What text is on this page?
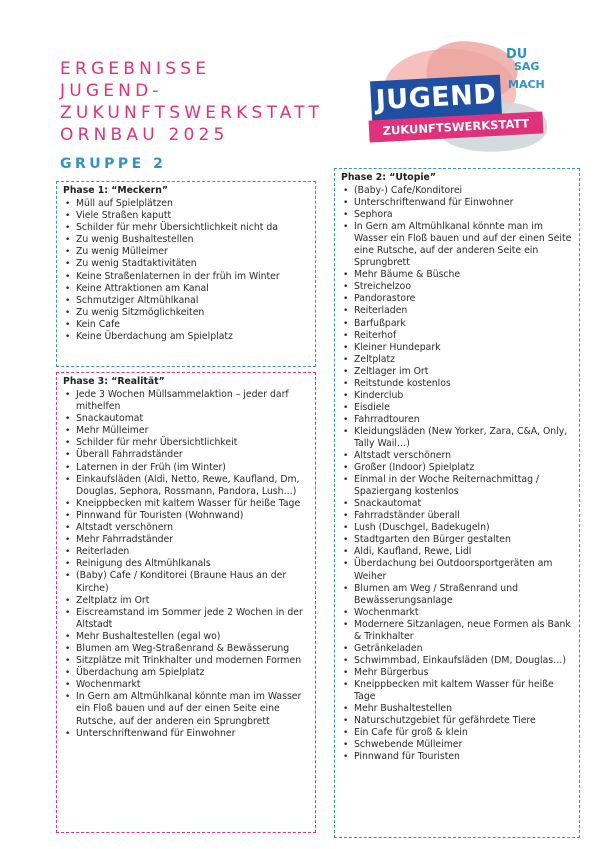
ERGEBNISSE
JUGEND-
ZUKUNFTSWERKSTATT
ORNBAU 2025
GRUPPE 2
JUGEND
ZUKUNFTSWERKSTATT
DU
SAG
MACH
Phase 1: “Meckern”
• Müll auf Spielplätzen
• Viele Straßen kaputt
• Schilder für mehr Übersichtlichkeit nicht da
• Zu wenig Bushaltestellen
• Zu wenig Mülleimer
• Zu wenig Stadtaktivitäten
• Keine Straßenlaternen in der früh im Winter
• Keine Attraktionen am Kanal
• Schmutziger Altmühlkanal
• Zu wenig Sitzmöglichkeiten
• Kein Cafe
• Keine Überdachung am Spielplatz
Phase 3: “Realität”
• Jede 3 Wochen Müllsammelaktion – jeder darf mithelfen
• Snackautomat
• Mehr Mülleimer
• Schilder für mehr Übersichtlichkeit
• Überall Fahrradständer
• Laternen in der Früh (im Winter)
• Einkaufsläden (Aldi, Netto, Rewe, Kaufland, Dm, Douglas, Sephora, Rossmann, Pandora, Lush…)
• Kneippbecken mit kaltem Wasser für heiße Tage
• Pinnwand für Touristen (Wohnwand)
• Altstadt verschönern
• Mehr Fahrradständer
• Reiterladen
• Reinigung des Altmühlkanals
• (Baby) Cafe / Konditorei (Braune Haus an der Kirche)
• Zeltplatz im Ort
• Eiscreamstand im Sommer jede 2 Wochen in der Altstadt
• Mehr Bushaltestellen (egal wo)
• Blumen am Weg-Straßenrand & Bewässerung
• Sitzplätze mit Trinkhalter und modernen Formen
• Überdachung am Spielplatz
• Wochenmarkt
• In Gern am Altmühlkanal könnte man im Wasser ein Floß bauen und auf der einen Seite eine Rutsche, auf der anderen ein Sprungbrett
• Unterschriftenwand für Einwohner
Phase 2: “Utopie”
• (Baby-) Cafe/Konditorei
• Unterschriftenwand für Einwohner
• Sephora
• In Gern am Altmühlkanal könnte man im Wasser ein Floß bauen und auf der einen Seite eine Rutsche, auf der anderen Seite ein Sprungbrett
• Mehr Bäume & Büsche
• Streichelzoo
• Pandorastore
• Reiterladen
• Barfußpark
• Reiterhof
• Kleiner Hundepark
• Zeltplatz
• Zeltlager im Ort
• Reitstunde kostenlos
• Kinderclub
• Eisdiele
• Fahrradtouren
• Kleidungsläden (New Yorker, Zara, C&A, Only, Tally Wail…)
• Altstadt verschönern
• Großer (Indoor) Spielplatz
• Einmal in der Woche Reiternachmittag / Spaziergang kostenlos
• Snackautomat
• Fahrradständer überall
• Lush (Duschgel, Badekugeln)
• Stadtgarten den Bürger gestalten
• Aldi, Kaufland, Rewe, Lidl
• Überdachung bei Outdoorsportgeräten am Weiher
• Blumen am Weg / Straßenrand und Bewässerungsanlage
• Wochenmarkt
• Modernere Sitzanlagen, neue Formen als Bank & Trinkhalter
• Getränkeladen
• Schwimmbad, Einkaufsläden (DM, Douglas…)
• Mehr Bürgerbus
• Kneippbecken mit kaltem Wasser für heiße Tage
• Mehr Bushaltestellen
• Naturschutzgebiet für gefährdete Tiere
• Ein Cafe für groß & klein
• Schwebende Mülleimer
• Pinnwand für Touristen
